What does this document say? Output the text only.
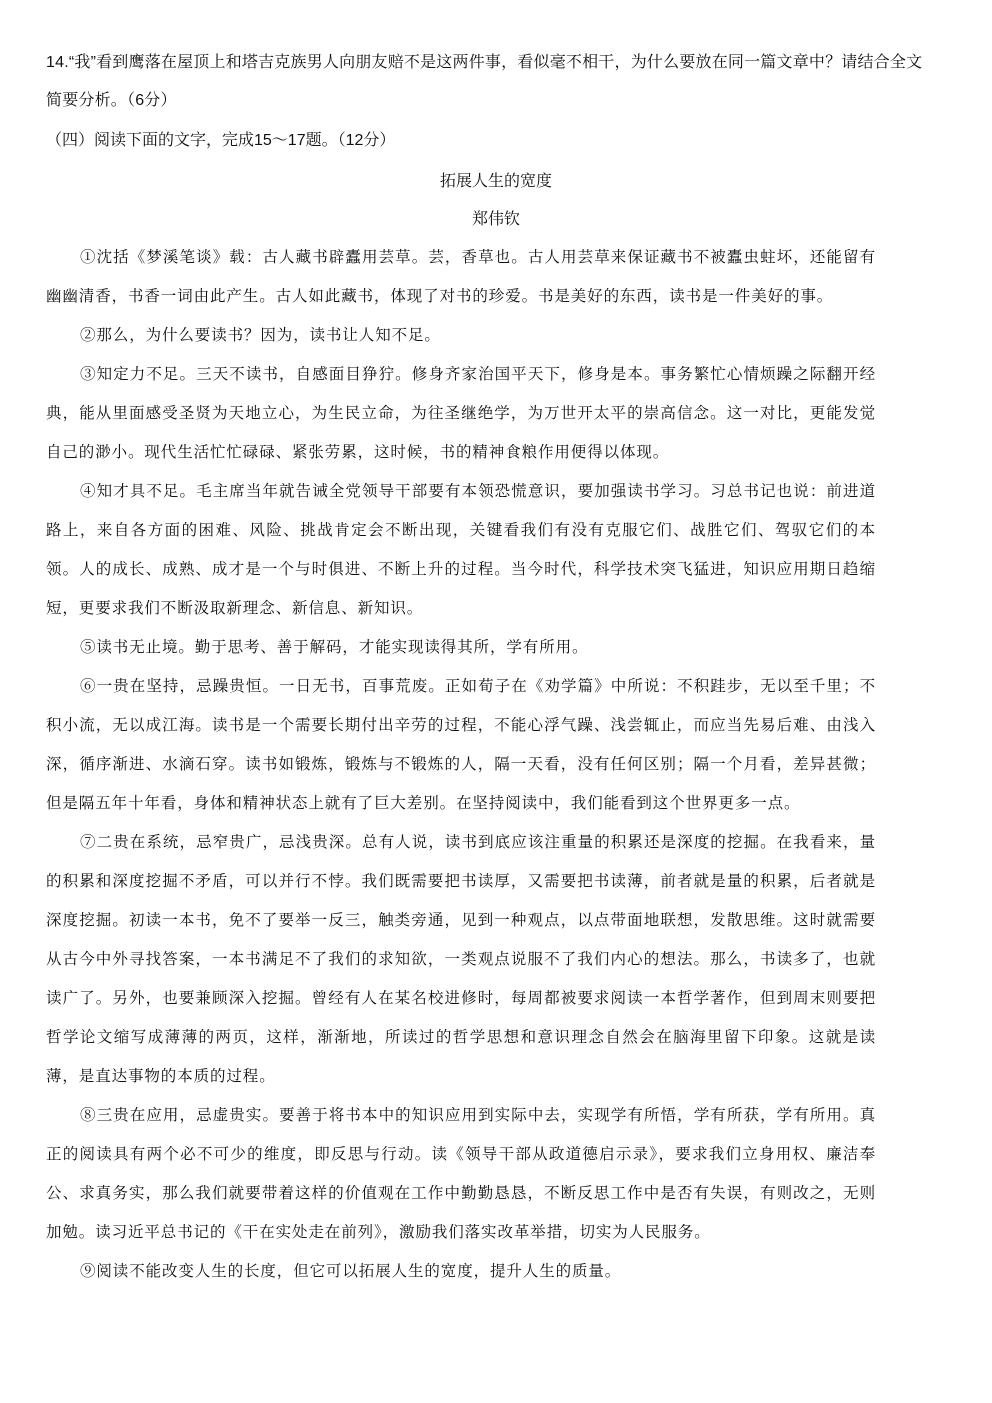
14.“我”看到鹰落在屋顶上和塔吉克族男人向朋友赔不是这两件事，看似毫不相干，为什么要放在同一篇文章中？请结合全文简要分析。（6分）
（四）阅读下面的文字，完成15～17题。（12分）
拓展人生的宽度
郑伟钦

①沈括《梦溪笔谈》载：古人藏书辟蠹用芸草。芸，香草也。古人用芸草来保证藏书不被蠹虫蛀坏，还能留有幽幽清香，书香一词由此产生。古人如此藏书，体现了对书的珍爱。书是美好的东西，读书是一件美好的事。

②那么，为什么要读书？因为，读书让人知不足。

③知定力不足。三天不读书，自感面目狰狞。修身齐家治国平天下，修身是本。事务繁忙心情烦躁之际翻开经典，能从里面感受圣贤为天地立心，为生民立命，为往圣继绝学，为万世开太平的崇高信念。这一对比，更能发觉自己的渺小。现代生活忙忙碌碌、紧张劳累，这时候，书的精神食粮作用便得以体现。

④知才具不足。毛主席当年就告诫全党领导干部要有本领恐慌意识，要加强读书学习。习总书记也说：前进道路上，来自各方面的困难、风险、挑战肯定会不断出现，关键看我们有没有克服它们、战胜它们、驾驭它们的本领。人的成长、成熟、成才是一个与时俱进、不断上升的过程。当今时代，科学技术突飞猛进，知识应用期日趋缩短，更要求我们不断汲取新理念、新信息、新知识。

⑤读书无止境。勤于思考、善于解码，才能实现读得其所，学有所用。

⑥一贵在坚持，忌躁贵恒。一日无书，百事荒废。正如荀子在《劝学篇》中所说：不积跬步，无以至千里；不积小流，无以成江海。读书是一个需要长期付出辛劳的过程，不能心浮气躁、浅尝辄止，而应当先易后难、由浅入深，循序渐进、水滴石穿。读书如锻炼，锻炼与不锻炼的人，隔一天看，没有任何区别；隔一个月看，差异甚微；但是隔五年十年看，身体和精神状态上就有了巨大差别。在坚持阅读中，我们能看到这个世界更多一点。

⑦二贵在系统，忌窄贵广，忌浅贵深。总有人说，读书到底应该注重量的积累还是深度的挖掘。在我看来，量的积累和深度挖掘不矛盾，可以并行不悖。我们既需要把书读厚，又需要把书读薄，前者就是量的积累，后者就是深度挖掘。初读一本书，免不了要举一反三，触类旁通，见到一种观点，以点带面地联想，发散思维。这时就需要从古今中外寻找答案，一本书满足不了我们的求知欲，一类观点说服不了我们内心的想法。那么，书读多了，也就读广了。另外，也要兼顾深入挖掘。曾经有人在某名校进修时，每周都被要求阅读一本哲学著作，但到周末则要把哲学论文缩写成薄薄的两页，这样，渐渐地，所读过的哲学思想和意识理念自然会在脑海里留下印象。这就是读薄，是直达事物的本质的过程。

⑧三贵在应用，忌虚贵实。要善于将书本中的知识应用到实际中去，实现学有所悟，学有所获，学有所用。真正的阅读具有两个必不可少的维度，即反思与行动。读《领导干部从政道德启示录》，要求我们立身用权、廉洁奉公、求真务实，那么我们就要带着这样的价值观在工作中勤勤恳恳，不断反思工作中是否有失误，有则改之，无则加勉。读习近平总书记的《干在实处走在前列》，激励我们落实改革举措，切实为人民服务。

⑨阅读不能改变人生的长度，但它可以拓展人生的宽度，提升人生的质量。
